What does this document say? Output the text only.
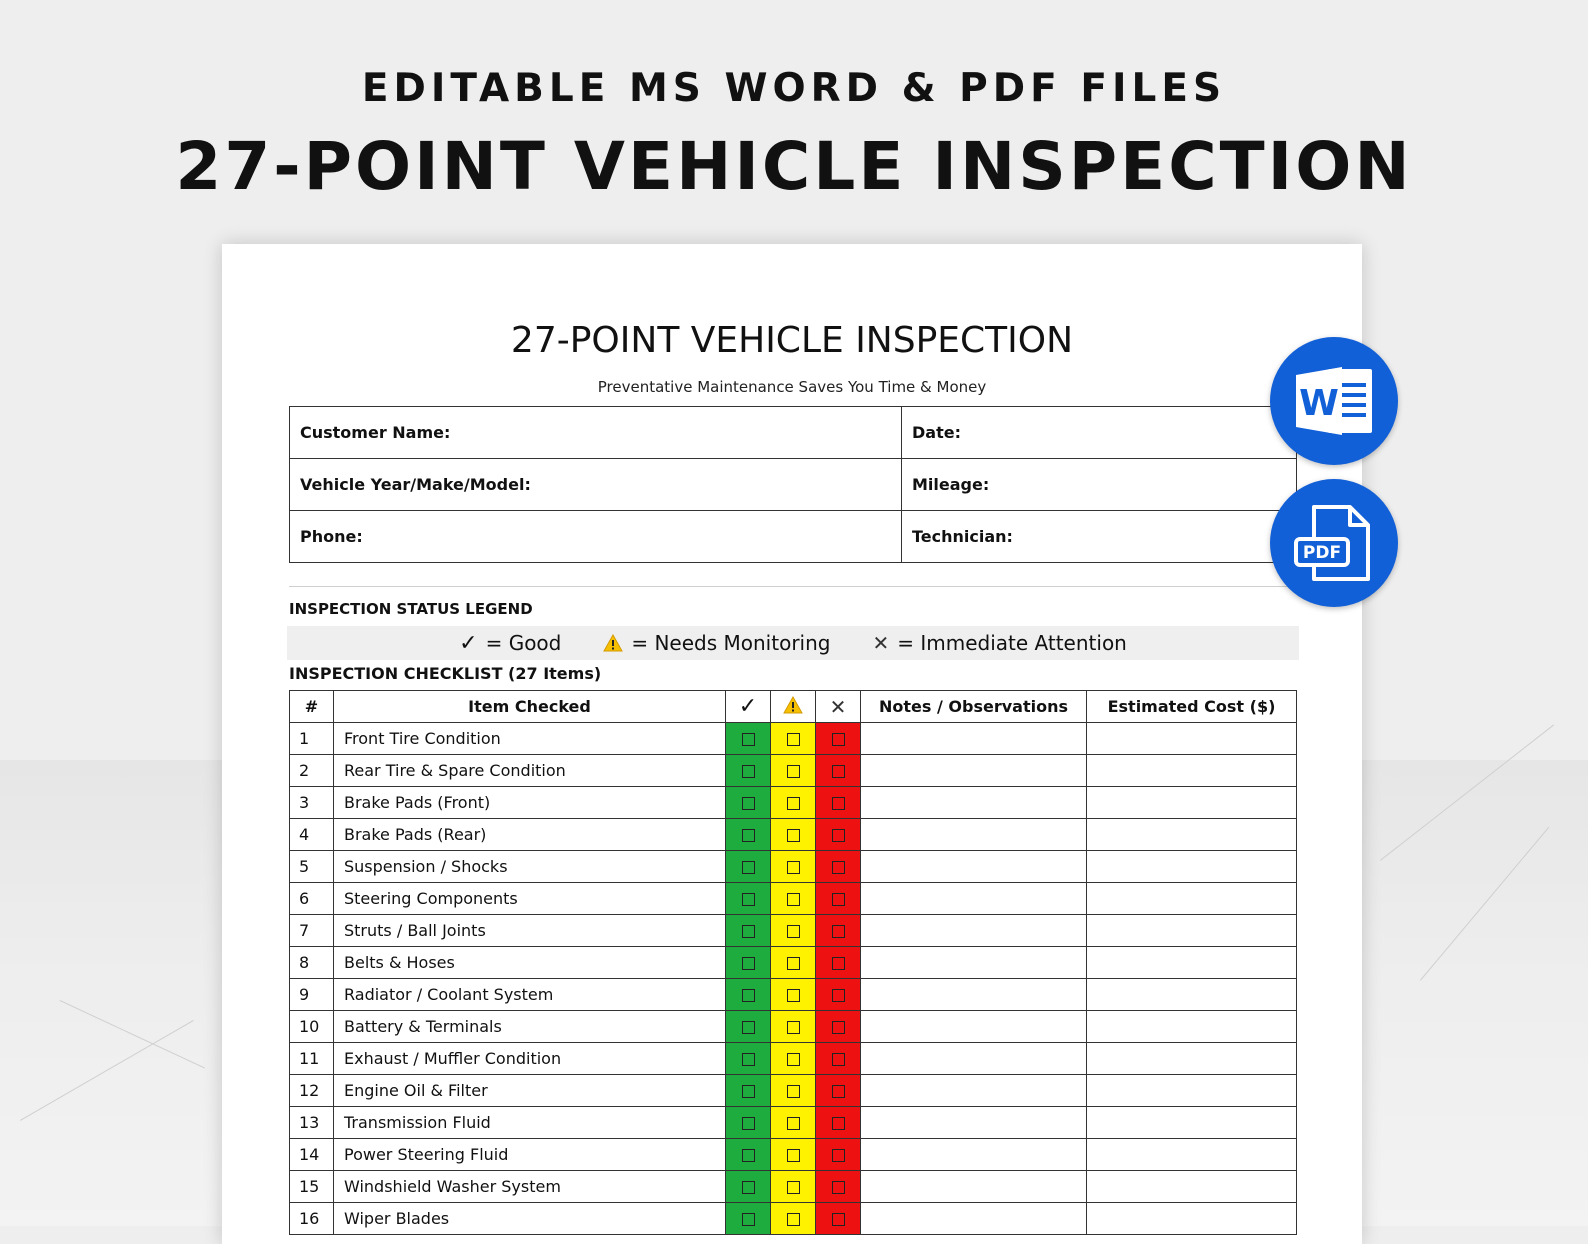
EDITABLE MS WORD & PDF FILES
27-POINT VEHICLE INSPECTION
27-POINT VEHICLE INSPECTION
Preventative Maintenance Saves You Time & Money
Customer Name:	Date:
Vehicle Year/Make/Model:	Mileage:
Phone:	Technician:
INSPECTION STATUS LEGEND
✓ = Good	= Needs Monitoring ✕ = Immediate Attention
INSPECTION CHECKLIST (27 Items)
#	Item Checked	✓		✕	Notes / Observations	Estimated Cost ($)
1	Front Tire Condition					
2	Rear Tire & Spare Condition					
3	Brake Pads (Front)					
4	Brake Pads (Rear)					
5	Suspension / Shocks					
6	Steering Components					
7	Struts / Ball Joints					
8	Belts & Hoses					
9	Radiator / Coolant System					
10	Battery & Terminals					
11	Exhaust / Muffler Condition					
12	Engine Oil & Filter					
13	Transmission Fluid					
14	Power Steering Fluid					
15	Windshield Washer System					
16	Wiper Blades					
W
PDF
